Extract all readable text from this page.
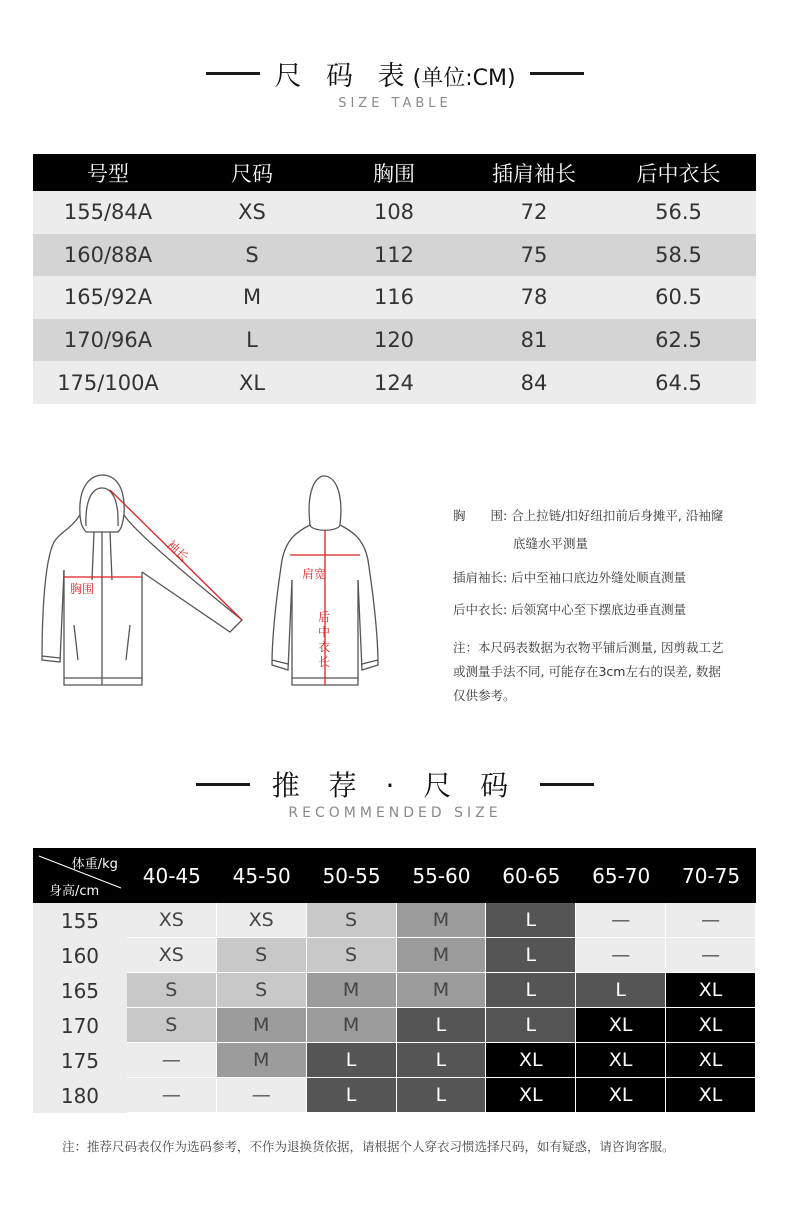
尺 码 表(单位:CM)
SIZE TABLE
号型	尺码	胸围	插肩袖长	后中衣长
155/84A	XS	108	72	56.5
160/88A	S	112	75	58.5
165/92A	M	116	78	60.5
170/96A	L	120	81	62.5
175/100A	XL	124	84	64.5
袖长
胸围
肩宽
后中衣长
胸　　围: 合上拉链/扣好纽扣前后身摊平, 沿袖窿
底缝水平测量
插肩袖长: 后中至袖口底边外缝处顺直测量
后中衣长: 后领窝中心至下摆底边垂直测量
注：本尺码表数据为衣物平铺后测量, 因剪裁工艺
或测量手法不同, 可能存在3cm左右的误差, 数据
仅供参考。
推 荐 · 尺 码
RECOMMENDED SIZE
体重/kg
身高/cm
40-45	45-50	50-55	55-60	60-65	65-70	70-75
155	XS	XS	S	M	L	—	—
160	XS	S	S	M	L	—	—
165	S	S	M	M	L	L	XL
170	S	M	M	L	L	XL	XL
175	—	M	L	L	XL	XL	XL
180	—	—	L	L	XL	XL	XL
注：推荐尺码表仅作为选码参考，不作为退换货依据，请根据个人穿衣习惯选择尺码，如有疑惑，请咨询客服。
